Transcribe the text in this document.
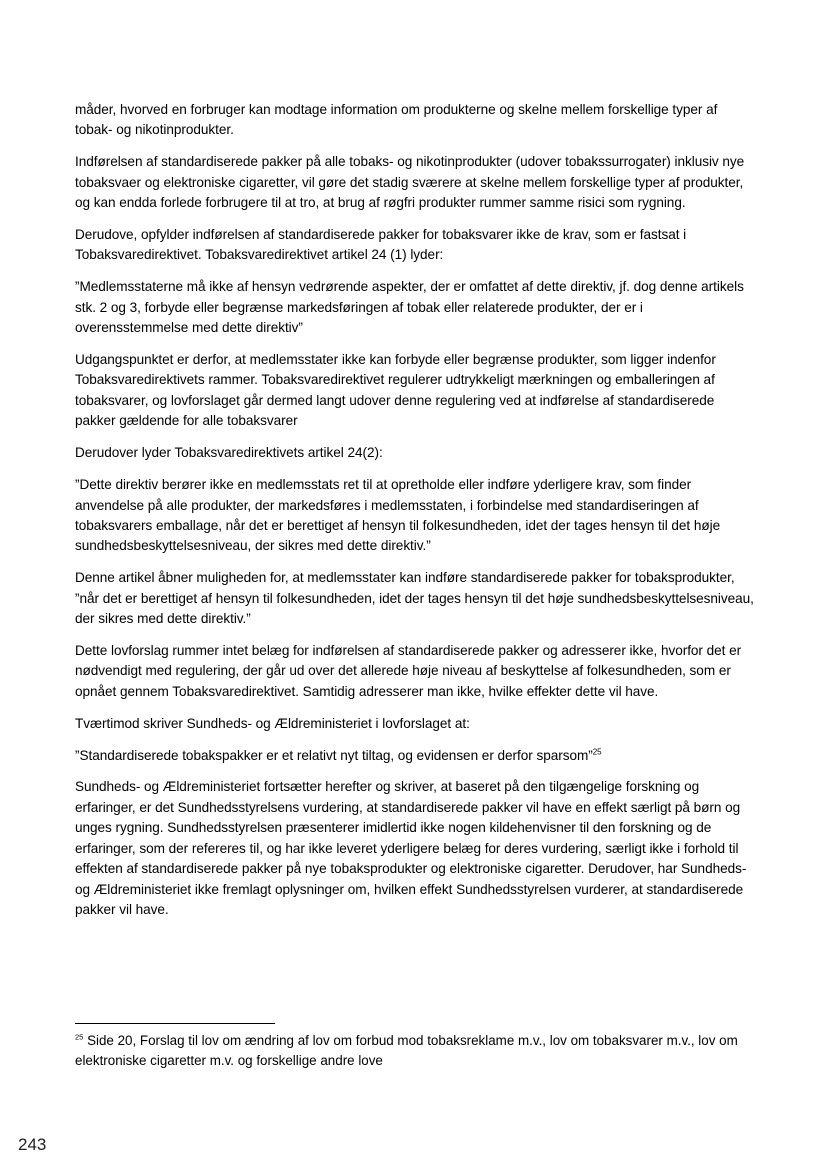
måder, hvorved en forbruger kan modtage information om produkterne og skelne mellem forskellige typer af tobak- og nikotinprodukter.

Indførelsen af standardiserede pakker på alle tobaks- og nikotinprodukter (udover tobakssurrogater) inklusiv nye tobaksvaer og elektroniske cigaretter, vil gøre det stadig sværere at skelne mellem forskellige typer af produkter, og kan endda forlede forbrugere til at tro, at brug af røgfri produkter rummer samme risici som rygning.

Derudove, opfylder indførelsen af standardiserede pakker for tobaksvarer ikke de krav, som er fastsat i Tobaksvaredirektivet. Tobaksvaredirektivet artikel 24 (1) lyder:

”Medlemsstaterne må ikke af hensyn vedrørende aspekter, der er omfattet af dette direktiv, jf. dog denne artikels stk. 2 og 3, forbyde eller begrænse markedsføringen af tobak eller relaterede produkter, der er i overensstemmelse med dette direktiv”

Udgangspunktet er derfor, at medlemsstater ikke kan forbyde eller begrænse produkter, som ligger indenfor Tobaksvaredirektivets rammer. Tobaksvaredirektivet regulerer udtrykkeligt mærkningen og emballeringen af tobaksvarer, og lovforslaget går dermed langt udover denne regulering ved at indførelse af standardiserede pakker gældende for alle tobaksvarer

Derudover lyder Tobaksvaredirektivets artikel 24(2):

”Dette direktiv berører ikke en medlemsstats ret til at opretholde eller indføre yderligere krav, som finder anvendelse på alle produkter, der markedsføres i medlemsstaten, i forbindelse med standardiseringen af tobaksvarers emballage, når det er berettiget af hensyn til folkesundheden, idet der tages hensyn til det høje sundhedsbeskyttelsesniveau, der sikres med dette direktiv.”

Denne artikel åbner muligheden for, at medlemsstater kan indføre standardiserede pakker for tobaksprodukter, ”når det er berettiget af hensyn til folkesundheden, idet der tages hensyn til det høje sundhedsbeskyttelsesniveau, der sikres med dette direktiv.”

Dette lovforslag rummer intet belæg for indførelsen af standardiserede pakker og adresserer ikke, hvorfor det er nødvendigt med regulering, der går ud over det allerede høje niveau af beskyttelse af folkesundheden, som er opnået gennem Tobaksvaredirektivet. Samtidig adresserer man ikke, hvilke effekter dette vil have.

Tværtimod skriver Sundheds- og Ældreministeriet i lovforslaget at:

”Standardiserede tobakspakker er et relativt nyt tiltag, og evidensen er derfor sparsom”$^{25}$

Sundheds- og Ældreministeriet fortsætter herefter og skriver, at baseret på den tilgængelige forskning og erfaringer, er det Sundhedsstyrelsens vurdering, at standardiserede pakker vil have en effekt særligt på børn og unges rygning. Sundhedsstyrelsen præsenterer imidlertid ikke nogen kildehenvisner til den forskning og de erfaringer, som der refereres til, og har ikke leveret yderligere belæg for deres vurdering, særligt ikke i forhold til effekten af standardiserede pakker på nye tobaksprodukter og elektroniske cigaretter. Derudover, har Sundheds- og Ældreministeriet ikke fremlagt oplysninger om, hvilken effekt Sundhedsstyrelsen vurderer, at standardiserede pakker vil have.

$^{25}$ Side 20, Forslag til lov om ændring af lov om forbud mod tobaksreklame m.v., lov om tobaksvarer m.v., lov om elektroniske cigaretter m.v. og forskellige andre love

243
